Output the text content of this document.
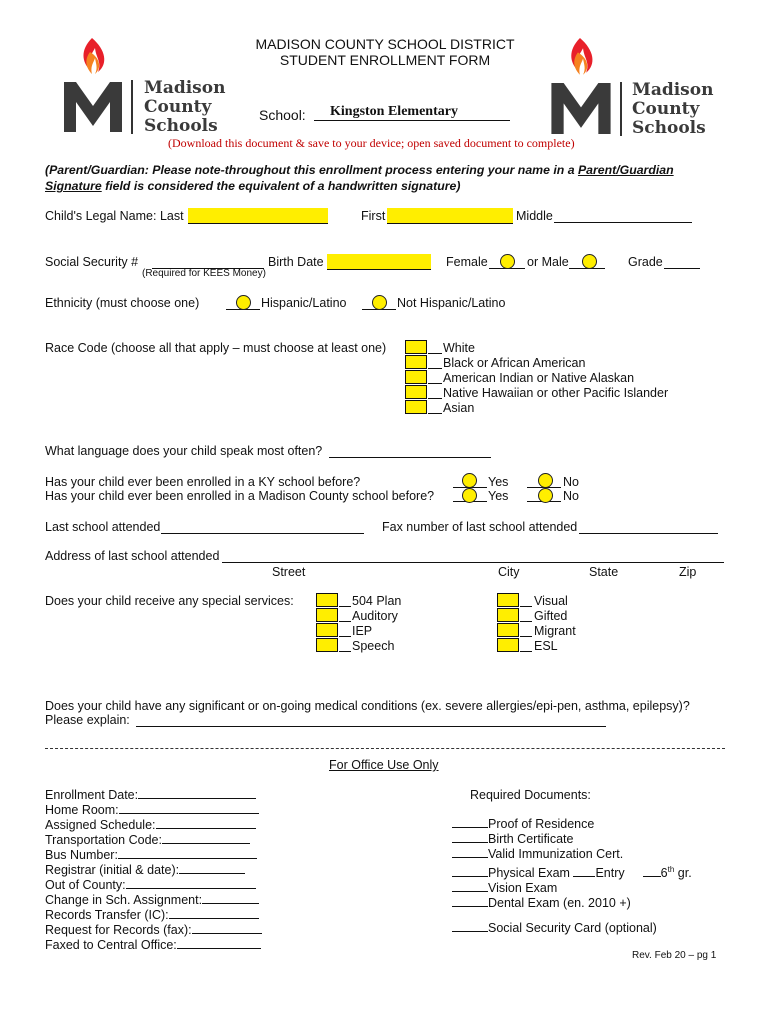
Madison
County
Schools
Madison
County
Schools
MADISON COUNTY SCHOOL DISTRICT
STUDENT ENROLLMENT FORM
School:	Kingston Elementary
(Download this document & save to your device; open saved document to complete)
(Parent/Guardian: Please note-throughout this enrollment process entering your name in a Parent/Guardian
Signature field is considered the equivalent of a handwritten signature)
Child's Legal Name: Last	First	Middle
Social Security #
(Required for KEES Money)
Birth Date	Female	or Male	Grade
Ethnicity (must choose one)	Hispanic/Latino	Not Hispanic/Latino
Race Code (choose all that apply – must choose at least one)	White
Black or African American
American Indian or Native Alaskan
Native Hawaiian or other Pacific Islander
Asian
What language does your child speak most often?
Has your child ever been enrolled in a KY school before?
Has your child ever been enrolled in a Madison County school before?
Yes	No
Yes	No
Last school attended	Fax number of last school attended
Address of last school attended
Street	City	State	Zip
Does your child receive any special services:	504 Plan
Auditory
IEP
Speech
Visual
Gifted
Migrant
ESL
Does your child have any significant or on-going medical conditions (ex. severe allergies/epi-pen, asthma, epilepsy)?
Please explain:
For Office Use Only
Enrollment Date:
Home Room:
Assigned Schedule:
Transportation Code:
Bus Number:
Registrar (initial & date):
Out of County:
Change in Sch. Assignment:
Records Transfer (IC):
Request for Records (fax):
Faxed to Central Office:
Required Documents:
Proof of Residence
Birth Certificate
Valid Immunization Cert.
Physical Exam Entry	6th gr.
Vision Exam
Dental Exam (en. 2010 +)
Social Security Card (optional)
Rev. Feb 20 – pg 1
